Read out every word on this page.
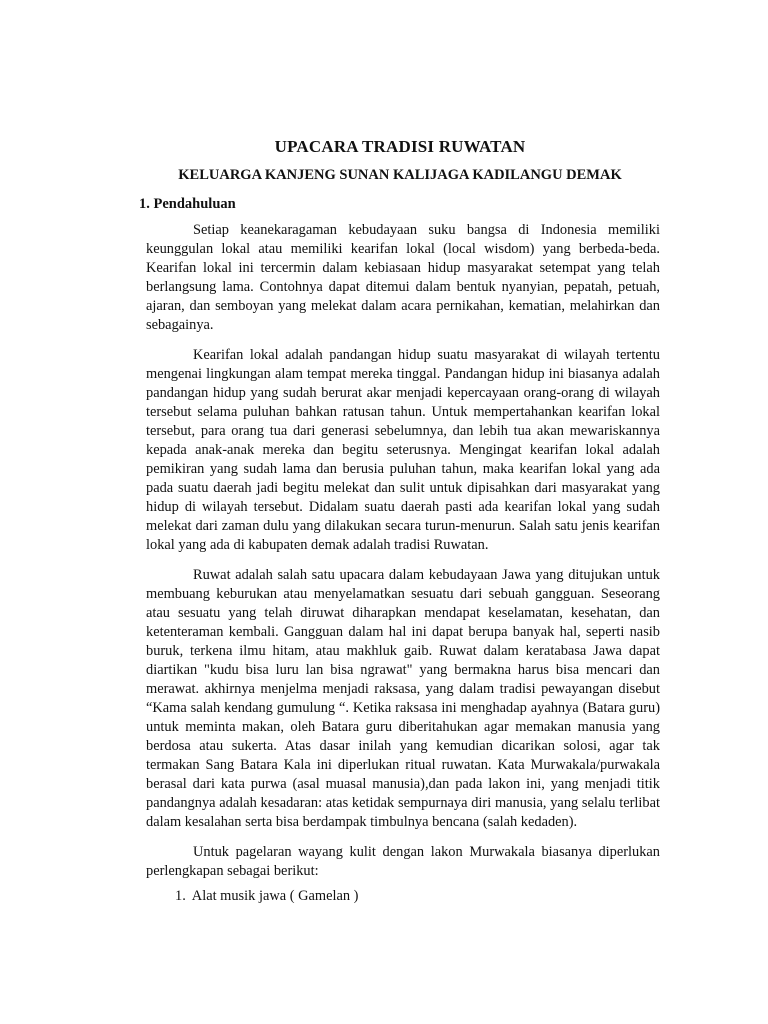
UPACARA TRADISI RUWATAN
KELUARGA KANJENG SUNAN KALIJAGA KADILANGU DEMAK
1. Pendahuluan

Setiap keanekaragaman kebudayaan suku bangsa di Indonesia memiliki keunggulan lokal atau memiliki kearifan lokal (local wisdom) yang berbeda-beda. Kearifan lokal ini tercermin dalam kebiasaan hidup masyarakat setempat yang telah berlangsung lama. Contohnya dapat ditemui dalam bentuk nyanyian, pepatah, petuah, ajaran, dan semboyan yang melekat dalam acara pernikahan, kematian, melahirkan dan sebagainya.

Kearifan lokal adalah pandangan hidup suatu masyarakat di wilayah tertentu mengenai lingkungan alam tempat mereka tinggal. Pandangan hidup ini biasanya adalah pandangan hidup yang sudah berurat akar menjadi kepercayaan orang-orang di wilayah tersebut selama puluhan bahkan ratusan tahun. Untuk mempertahankan kearifan lokal tersebut, para orang tua dari generasi sebelumnya, dan lebih tua akan mewariskannya kepada anak-anak mereka dan begitu seterusnya. Mengingat kearifan lokal adalah pemikiran yang sudah lama dan berusia puluhan tahun, maka kearifan lokal yang ada pada suatu daerah jadi begitu melekat dan sulit untuk dipisahkan dari masyarakat yang hidup di wilayah tersebut. Didalam suatu daerah pasti ada kearifan lokal yang sudah melekat dari zaman dulu yang dilakukan secara turun-menurun. Salah satu jenis kearifan lokal yang ada di kabupaten demak adalah tradisi Ruwatan.

Ruwat adalah salah satu upacara dalam kebudayaan Jawa yang ditujukan untuk membuang keburukan atau menyelamatkan sesuatu dari sebuah gangguan. Seseorang atau sesuatu yang telah diruwat diharapkan mendapat keselamatan, kesehatan, dan ketenteraman kembali. Gangguan dalam hal ini dapat berupa banyak hal, seperti nasib buruk, terkena ilmu hitam, atau makhluk gaib. Ruwat dalam keratabasa Jawa dapat diartikan "kudu bisa luru lan bisa ngrawat" yang bermakna harus bisa mencari dan merawat. akhirnya menjelma menjadi raksasa, yang dalam tradisi pewayangan disebut “Kama salah kendang gumulung “. Ketika raksasa ini menghadap ayahnya (Batara guru) untuk meminta makan, oleh Batara guru diberitahukan agar memakan manusia yang berdosa atau sukerta. Atas dasar inilah yang kemudian dicarikan solosi, agar tak termakan Sang Batara Kala ini diperlukan ritual ruwatan. Kata Murwakala/purwakala berasal dari kata purwa (asal muasal manusia),dan pada lakon ini, yang menjadi titik pandangnya adalah kesadaran: atas ketidak sempurnaya diri manusia, yang selalu terlibat dalam kesalahan serta bisa berdampak timbulnya bencana (salah kedaden).

Untuk pagelaran wayang kulit dengan lakon Murwakala biasanya diperlukan perlengkapan sebagai berikut:

1. Alat musik jawa ( Gamelan )
